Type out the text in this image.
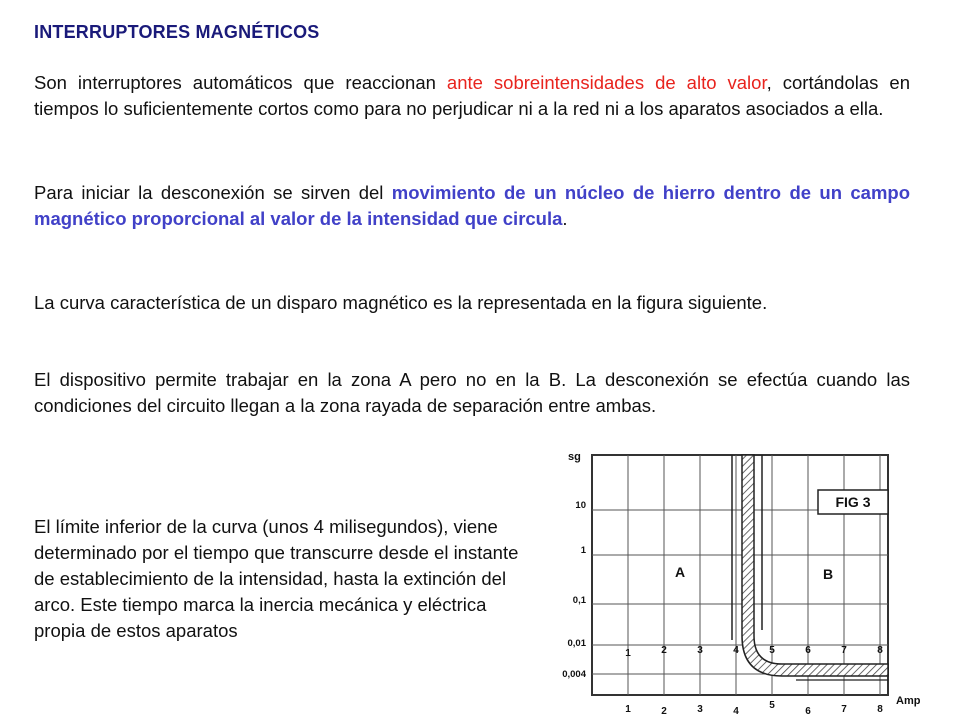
INTERRUPTORES MAGNÉTICOS

Son interruptores automáticos que reaccionan ante sobreintensidades de alto valor, cortándolas en tiempos lo suficientemente cortos como para no perjudicar ni a la red ni a los aparatos asociados a ella.

Para iniciar la desconexión se sirven del movimiento de un núcleo de hierro dentro de un campo magnético proporcional al valor de la intensidad que circula.

La curva característica de un disparo magnético es la representada en la figura siguiente.

El dispositivo permite trabajar en la zona A pero no en la B. La desconexión se efectúa cuando las condiciones del circuito llegan a la zona rayada de separación entre ambas.

El límite inferior de la curva (unos 4 milisegundos), viene determinado por el tiempo que transcurre desde el instante de establecimiento de la intensidad, hasta la extinción del arco. Este tiempo marca la inercia mecánica y eléctrica propia de estos aparatos

FIG 3
sg
10
1
0,1
0,01
0,004
A	B
1	2	3	4	5	6	7	8
1	2	3	4
5
6	7	8
Amp
